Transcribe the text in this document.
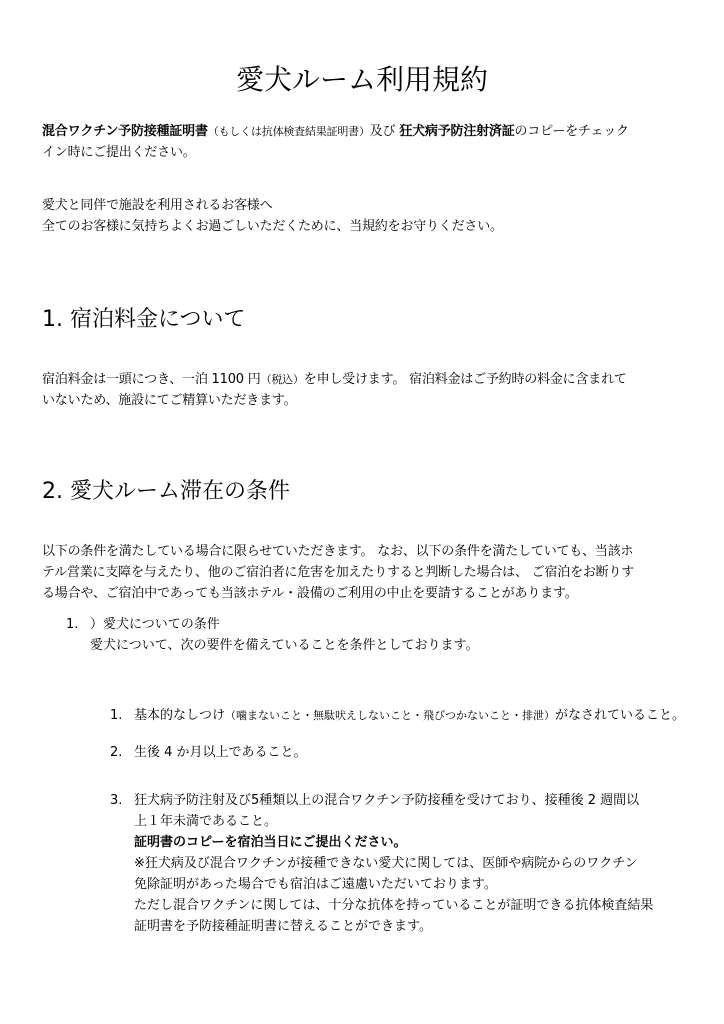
愛犬ルーム利用規約
混合ワクチン予防接種証明書（もしくは抗体検査結果証明書）及び 狂犬病予防注射済証のコピーをチェック
イン時にご提出ください。
愛犬と同伴で施設を利用されるお客様へ
全てのお客様に気持ちよくお過ごしいただくために、当規約をお守りください。
1. 宿泊料金について
宿泊料金は一頭につき、一泊 1100 円（税込）を申し受けます。 宿泊料金はご予約時の料金に含まれて
いないため、施設にてご精算いただきます。
2. 愛犬ルーム滞在の条件
以下の条件を満たしている場合に限らせていただきます。 なお、以下の条件を満たしていても、当該ホ
テル営業に支障を与えたり、他のご宿泊者に危害を加えたりすると判断した場合は、 ご宿泊をお断りす
る場合や、ご宿泊中であっても当該ホテル・設備のご利用の中止を要請することがあります。
1. ）愛犬についての条件

愛犬について、次の要件を備えていることを条件としております。
1. 基本的なしつけ（噛まないこと・無駄吠えしないこと・飛びつかないこと・排泄）がなされていること。
2. 生後 4 か月以上であること。
3. 狂犬病予防注射及び5種類以上の混合ワクチン予防接種を受けており、接種後 2 週間以
上１年未満であること。
証明書のコピーを宿泊当日にご提出ください。
※狂犬病及び混合ワクチンが接種できない愛犬に関しては、医師や病院からのワクチン
免除証明があった場合でも宿泊はご遠慮いただいております。
ただし混合ワクチンに関しては、十分な抗体を持っていることが証明できる抗体検査結果
証明書を予防接種証明書に替えることができます。
